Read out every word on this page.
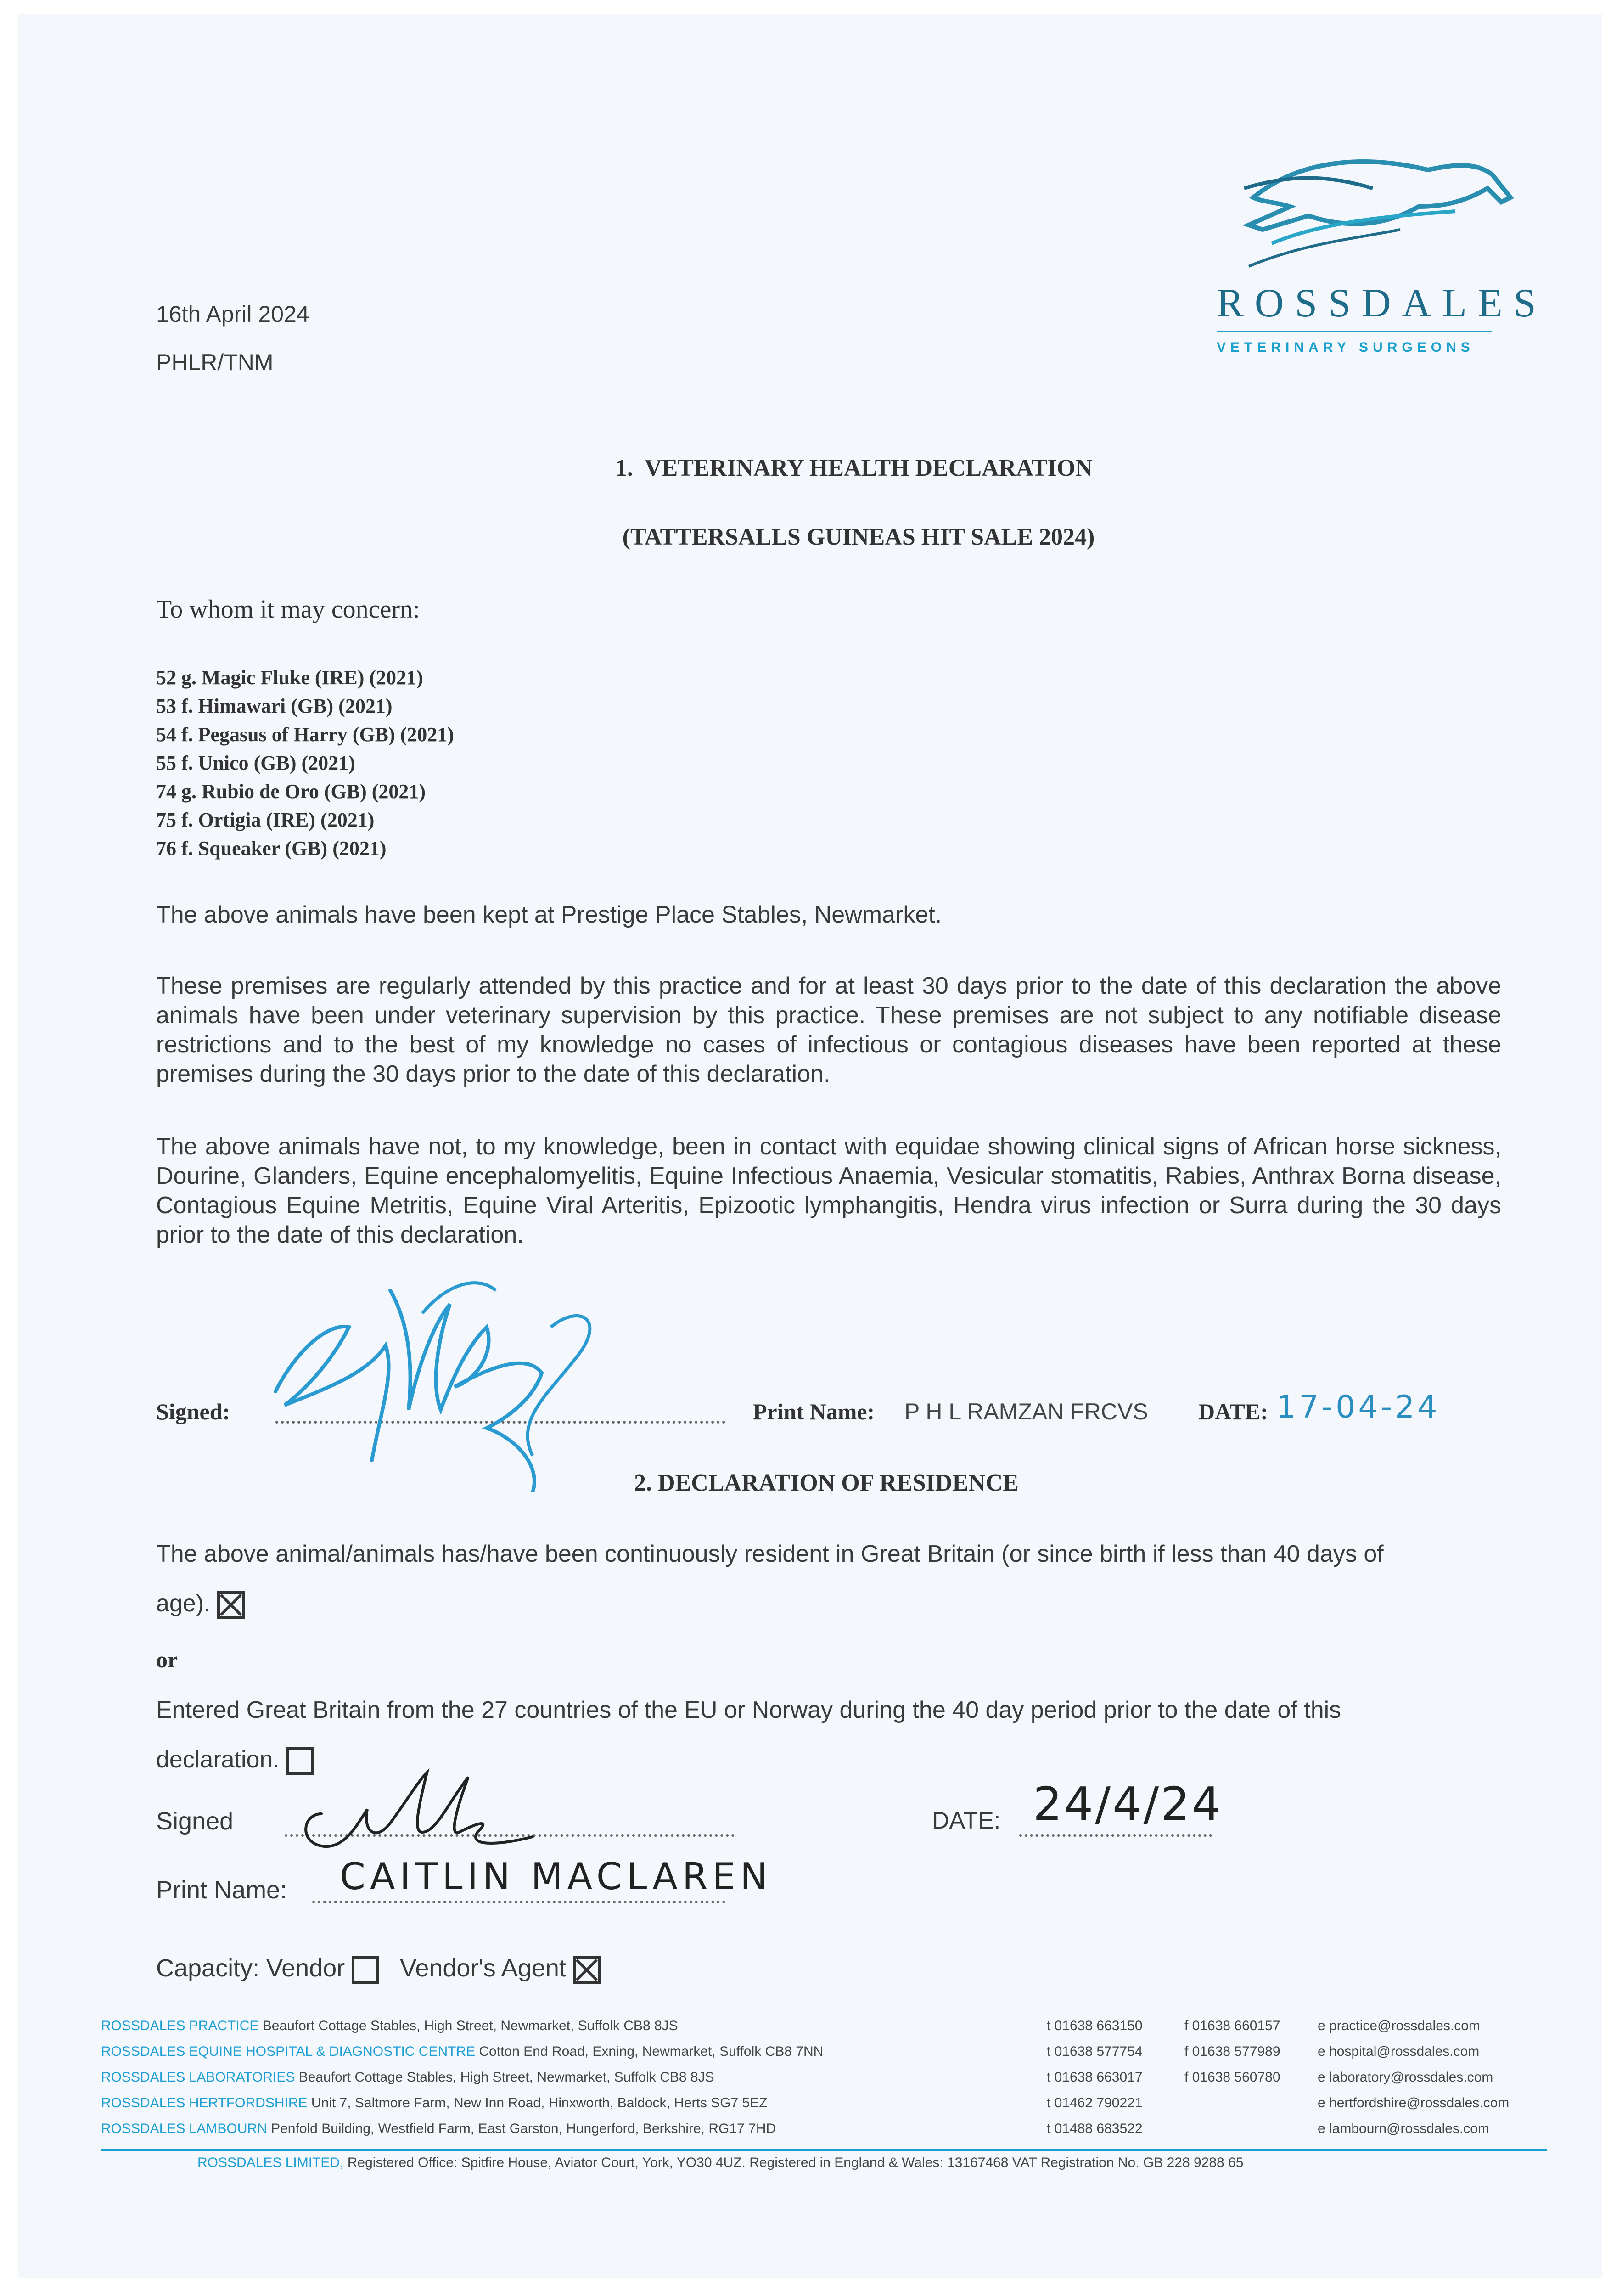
ROSSDALES
VETERINARY SURGEONS
16th April 2024
PHLR/TNM
1.  VETERINARY HEALTH DECLARATION
(TATTERSALLS GUINEAS HIT SALE 2024)
To whom it may concern:
52 g. Magic Fluke (IRE) (2021)
53 f. Himawari (GB) (2021)
54 f. Pegasus of Harry (GB) (2021)
55 f. Unico (GB) (2021)
74 g. Rubio de Oro (GB) (2021)
75 f. Ortigia (IRE) (2021)
76 f. Squeaker (GB) (2021)
The above animals have been kept at Prestige Place Stables, Newmarket.
These premises are regularly attended by this practice and for at least 30 days prior to the date of this declaration the above animals have been under veterinary supervision by this practice. These premises are not subject to any notifiable disease restrictions and to the best of my knowledge no cases of infectious or contagious diseases have been reported at these premises during the 30 days prior to the date of this declaration.
The above animals have not, to my knowledge, been in contact with equidae showing clinical signs of African horse sickness, Dourine, Glanders, Equine encephalomyelitis, Equine Infectious Anaemia, Vesicular stomatitis, Rabies, Anthrax Borna disease, Contagious Equine Metritis, Equine Viral Arteritis, Epizootic lymphangitis, Hendra virus infection or Surra during the 30 days prior to the date of this declaration.
Signed:	Print Name: P H L RAMZAN FRCVS DATE: 17-04-24
2. DECLARATION OF RESIDENCE
The above animal/animals has/have been continuously resident in Great Britain (or since birth if less than 40 days of age).
or
Entered Great Britain from the 27 countries of the EU or Norway during the 40 day period prior to the date of this declaration.
Signed	DATE: 24/4/24
Print Name: CAITLIN MACLAREN
Capacity: Vendor Vendor's Agent
ROSSDALES PRACTICE Beaufort Cottage Stables, High Street, Newmarket, Suffolk CB8 8JS	t 01638 663150	f 01638 660157	e practice@rossdales.com
ROSSDALES EQUINE HOSPITAL & DIAGNOSTIC CENTRE Cotton End Road, Exning, Newmarket, Suffolk CB8 7NN	t 01638 577754	f 01638 577989	e hospital@rossdales.com
ROSSDALES LABORATORIES Beaufort Cottage Stables, High Street, Newmarket, Suffolk CB8 8JS	t 01638 663017	f 01638 560780	e laboratory@rossdales.com
ROSSDALES HERTFORDSHIRE Unit 7, Saltmore Farm, New Inn Road, Hinxworth, Baldock, Herts SG7 5EZ	t 01462 790221	e hertfordshire@rossdales.com
ROSSDALES LAMBOURN Penfold Building, Westfield Farm, East Garston, Hungerford, Berkshire, RG17 7HD	t 01488 683522	e lambourn@rossdales.com
ROSSDALES LIMITED, Registered Office: Spitfire House, Aviator Court, York, YO30 4UZ. Registered in England & Wales: 13167468 VAT Registration No. GB 228 9288 65
